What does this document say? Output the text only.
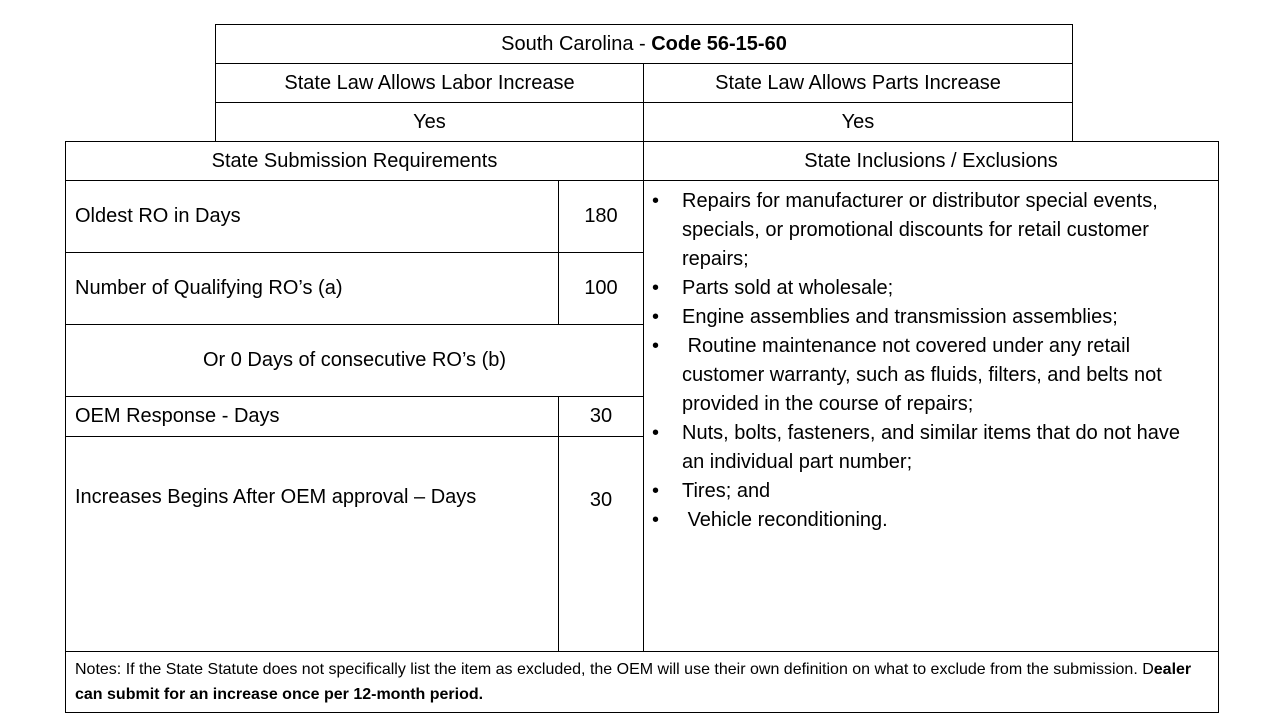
South Carolina - Code 56-15-60
State Law Allows Labor Increase	State Law Allows Parts Increase
Yes	Yes
State Submission Requirements	State Inclusions / Exclusions
Oldest RO in Days	180
Number of Qualifying RO’s (a)	100
Or 0 Days of consecutive RO’s (b)
OEM Response - Days	30
Increases Begins After OEM approval – Days	30
• Repairs for manufacturer or distributor special events, specials, or promotional discounts for retail customer repairs;
• Parts sold at wholesale;
• Engine assemblies and transmission assemblies;
• Routine maintenance not covered under any retail customer warranty, such as fluids, filters, and belts not provided in the course of repairs;
• Nuts, bolts, fasteners, and similar items that do not have an individual part number;
• Tires; and
• Vehicle reconditioning.
Notes: If the State Statute does not specifically list the item as excluded, the OEM will use their own definition on what to exclude from the submission. Dealer can submit for an increase once per 12-month period.
